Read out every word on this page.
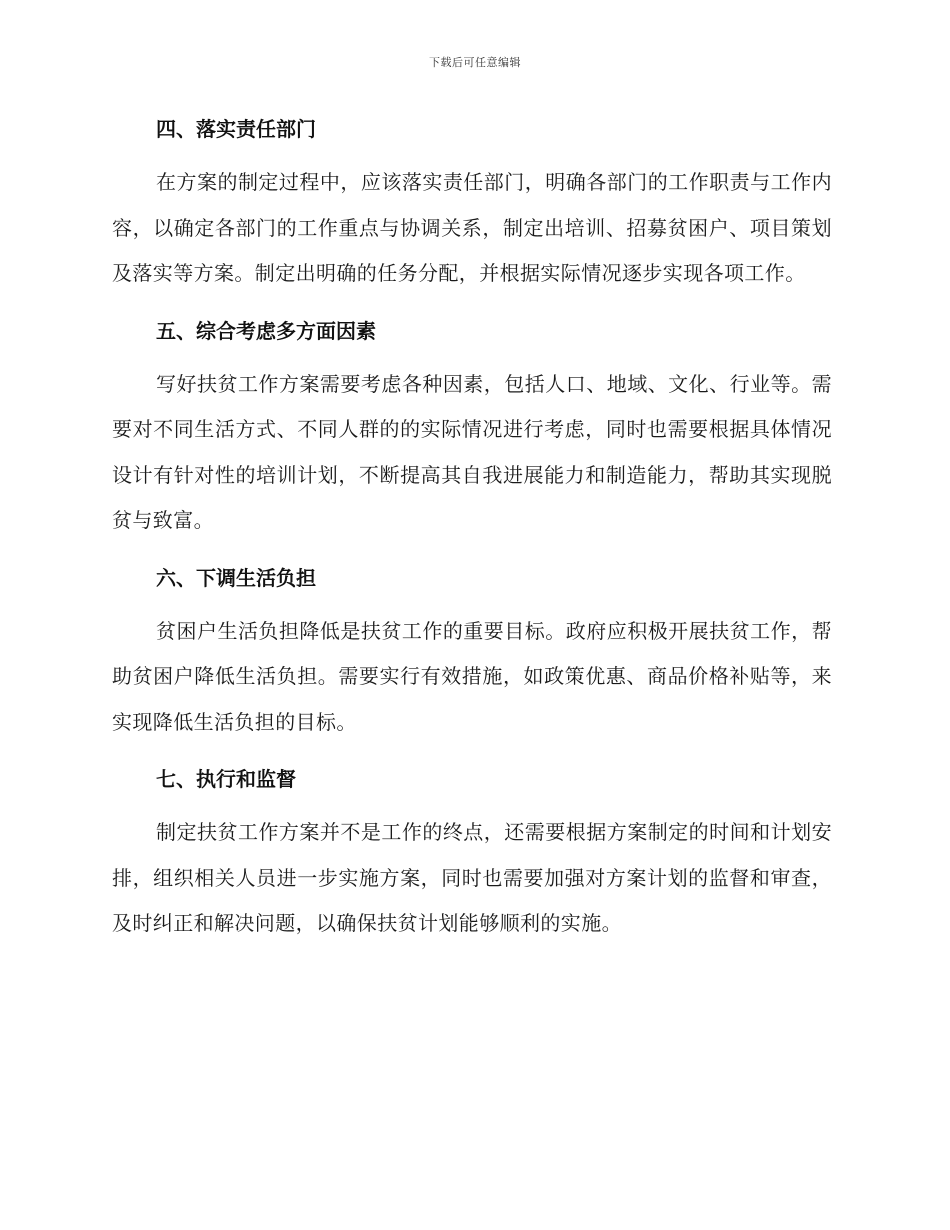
下载后可任意编辑
四、落实责任部门

在方案的制定过程中，应该落实责任部门，明确各部门的工作职责与工作内容，以确定各部门的工作重点与协调关系，制定出培训、招募贫困户、项目策划及落实等方案。制定出明确的任务分配，并根据实际情况逐步实现各项工作。

五、综合考虑多方面因素

写好扶贫工作方案需要考虑各种因素，包括人口、地域、文化、行业等。需要对不同生活方式、不同人群的的实际情况进行考虑，同时也需要根据具体情况设计有针对性的培训计划，不断提高其自我进展能力和制造能力，帮助其实现脱贫与致富。

六、下调生活负担

贫困户生活负担降低是扶贫工作的重要目标。政府应积极开展扶贫工作，帮助贫困户降低生活负担。需要实行有效措施，如政策优惠、商品价格补贴等，来实现降低生活负担的目标。

七、执行和监督

制定扶贫工作方案并不是工作的终点，还需要根据方案制定的时间和计划安排，组织相关人员进一步实施方案，同时也需要加强对方案计划的监督和审查，及时纠正和解决问题，以确保扶贫计划能够顺利的实施。
